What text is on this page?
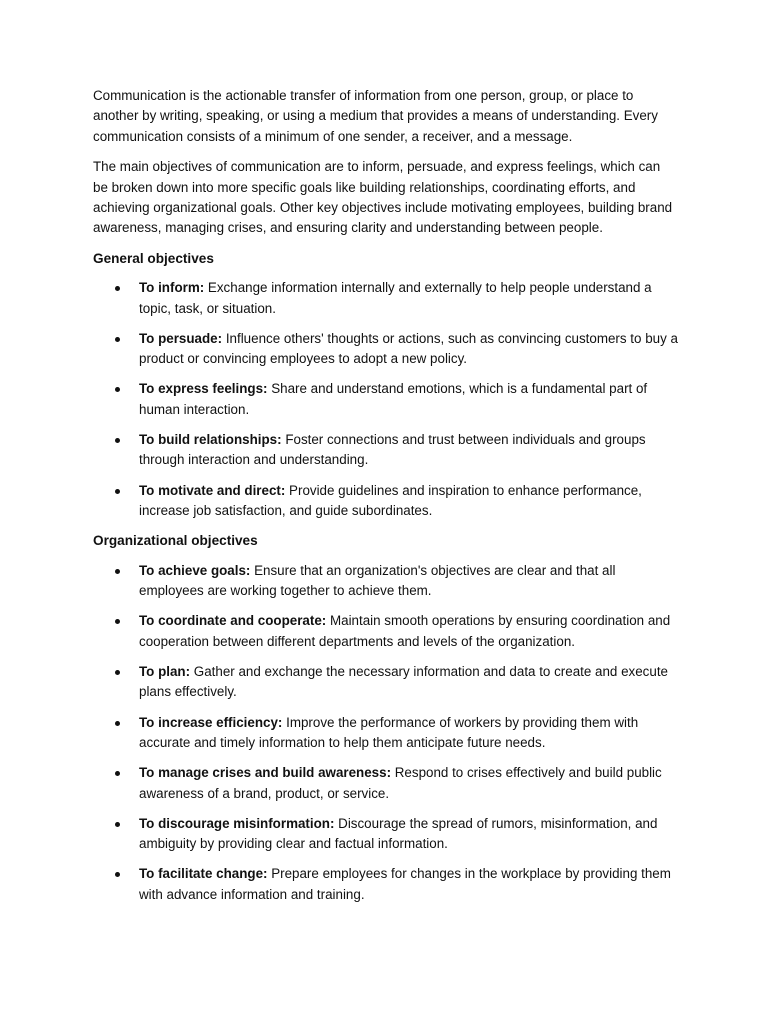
Communication is the actionable transfer of information from one person, group, or place to another by writing, speaking, or using a medium that provides a means of understanding. Every communication consists of a minimum of one sender, a receiver, and a message.

The main objectives of communication are to inform, persuade, and express feelings, which can be broken down into more specific goals like building relationships, coordinating efforts, and achieving organizational goals. Other key objectives include motivating employees, building brand awareness, managing crises, and ensuring clarity and understanding between people.

General objectives
To inform: Exchange information internally and externally to help people understand a topic, task, or situation.
To persuade: Influence others' thoughts or actions, such as convincing customers to buy a product or convincing employees to adopt a new policy.
To express feelings: Share and understand emotions, which is a fundamental part of human interaction.
To build relationships: Foster connections and trust between individuals and groups through interaction and understanding.
To motivate and direct: Provide guidelines and inspiration to enhance performance, increase job satisfaction, and guide subordinates.
Organizational objectives
To achieve goals: Ensure that an organization's objectives are clear and that all employees are working together to achieve them.
To coordinate and cooperate: Maintain smooth operations by ensuring coordination and cooperation between different departments and levels of the organization.
To plan: Gather and exchange the necessary information and data to create and execute plans effectively.
To increase efficiency: Improve the performance of workers by providing them with accurate and timely information to help them anticipate future needs.
To manage crises and build awareness: Respond to crises effectively and build public awareness of a brand, product, or service.
To discourage misinformation: Discourage the spread of rumors, misinformation, and ambiguity by providing clear and factual information.
To facilitate change: Prepare employees for changes in the workplace by providing them with advance information and training.
